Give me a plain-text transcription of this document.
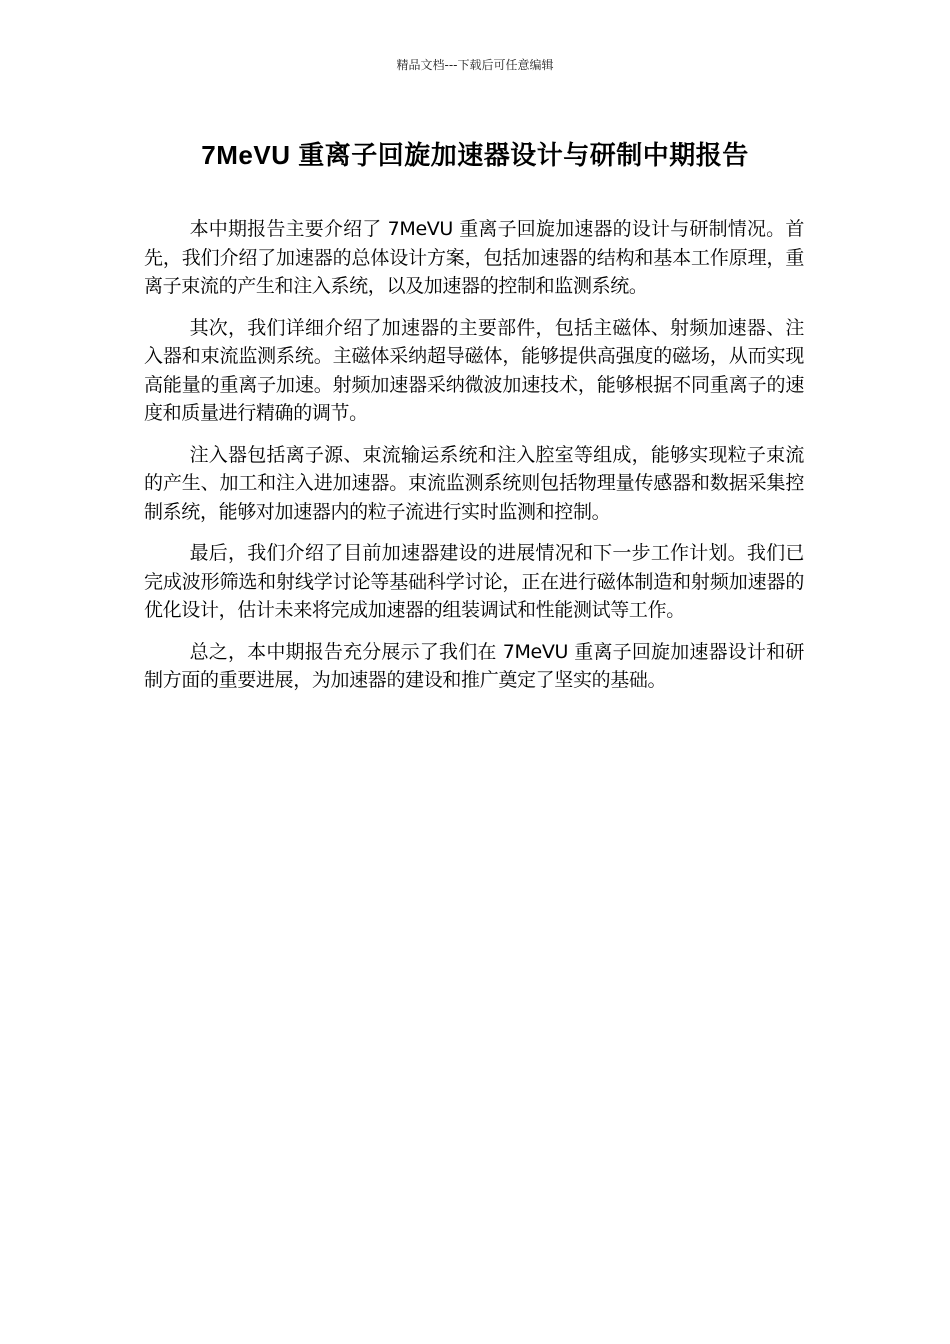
精品文档---下载后可任意编辑
7MeVU 重离子回旋加速器设计与研制中期报告

本中期报告主要介绍了 7MeVU 重离子回旋加速器的设计与研制情况。首先，我们介绍了加速器的总体设计方案，包括加速器的结构和基本工作原理，重离子束流的产生和注入系统，以及加速器的控制和监测系统。

其次，我们详细介绍了加速器的主要部件，包括主磁体、射频加速器、注入器和束流监测系统。主磁体采纳超导磁体，能够提供高强度的磁场，从而实现高能量的重离子加速。射频加速器采纳微波加速技术，能够根据不同重离子的速度和质量进行精确的调节。

注入器包括离子源、束流输运系统和注入腔室等组成，能够实现粒子束流的产生、加工和注入进加速器。束流监测系统则包括物理量传感器和数据采集控制系统，能够对加速器内的粒子流进行实时监测和控制。

最后，我们介绍了目前加速器建设的进展情况和下一步工作计划。我们已完成波形筛选和射线学讨论等基础科学讨论，正在进行磁体制造和射频加速器的优化设计，估计未来将完成加速器的组装调试和性能测试等工作。

总之，本中期报告充分展示了我们在 7MeVU 重离子回旋加速器设计和研制方面的重要进展，为加速器的建设和推广奠定了坚实的基础。
